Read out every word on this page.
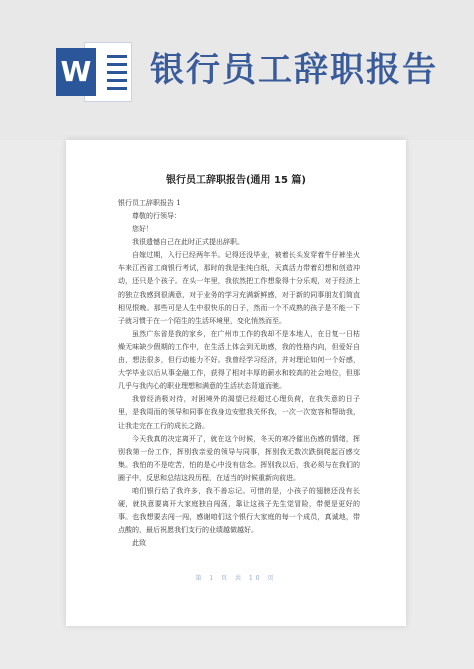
W 银行员工辞职报告
银行员工辞职报告(通用 15 篇)
银行员工辞职报告 1

尊敬的行领导：

您好！

我很遗憾自己在此时正式提出辞职。

自嫁过期，入行已经两年半。记得还没毕业，被着长头发穿着牛仔裤坐火车来江西省工商银行考试，那时的我是张纯白纸，天真活力带着幻想和创造冲动，还只是个孩子。在头一年里，我依然把工作想象得十分乐观，对于经济上的独立我感到很满意，对于业务的学习充满新鲜感，对于新的同事朋友们简直相见恨晚。那些可是人生中很快乐的日子，然而一个不成熟的孩子是不能一下子就习惯于在一个陌生的生活环境里，变化悄然而至。

虽然广东省是我的家乡，在广州市工作的我却不是本地人，在日复一日枯燥无味缺少假期的工作中，在生活上体会到无助感，我的性格内向，但爱好自由，想法很多，但行动能力不好。我曾经学习经济，并对理论如何一个好感，大学毕业以后从事金融工作，获得了相对丰厚的薪水和较高的社会地位，但那几乎与我内心的职业理想和满意的生活状态背道而驰。

我曾经消极对待，对困境外的渴望已经超过心理负荷，在我失意的日子里，是我周而的领导和同事在我身边安慰我关怀我，一次一次宽容和帮助我，让我走完在工行的成长之路。

今天我真的决定离开了，就在这个时候，冬天的寒冷催出伤感的情绪，挥别我第一份工作，挥别我亲爱的领导与同事，挥别我无数次跌倒爬起百感交集。我怕的不是吃苦，怕的是心中没有信念。挥别我以后，我必须与在我们的圈子中，反思和总结这段历程，在适当的时候重新向前进。

咱们银行给了我许多，我不善忘记。可惜的是，小孩子的翅膀还没有长硬，就执意要离开大家庭独自闯荡，靠让这孩子先生觉冒险，带便是更好的事。也我想要去闯一闯，感谢咱们这个银行大家庭的每一个成员，真诚地，带点酸的，最后祝愿我们支行的业绩越做越好。

此致

第 1 页 共 10 页
